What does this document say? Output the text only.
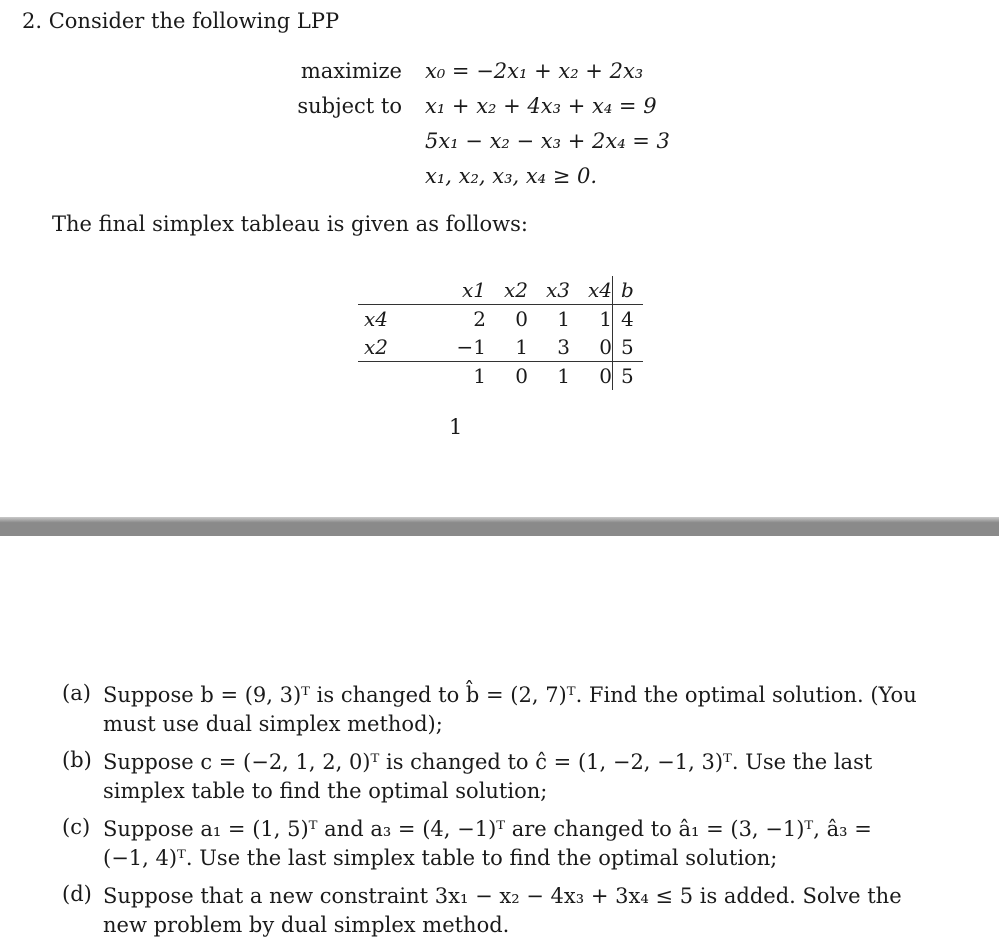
2. Consider the following LPP
maximize
subject to
x₀ = −2x₁ + x₂ + 2x₃
x₁ + x₂ + 4x₃ + x₄ = 9
5x₁ − x₂ − x₃ + 2x₄ = 3
x₁, x₂, x₃, x₄ ≥ 0.
The final simplex tableau is given as follows:
	x1	x2	x3	x4	b
x4	2	0	1	1	4
x2	−1	1	3	0	5
	1	0	1	0	5
1
(a) Suppose b = (9, 3)ᵀ is changed to b̂ = (2, 7)ᵀ. Find the optimal solution. (You must use dual simplex method);
(b) Suppose c = (−2, 1, 2, 0)ᵀ is changed to ĉ = (1, −2, −1, 3)ᵀ. Use the last simplex table to find the optimal solution;
(c) Suppose a₁ = (1, 5)ᵀ and a₃ = (4, −1)ᵀ are changed to â₁ = (3, −1)ᵀ, â₃ = (−1, 4)ᵀ. Use the last simplex table to find the optimal solution;
(d) Suppose that a new constraint 3x₁ − x₂ − 4x₃ + 3x₄ ≤ 5 is added. Solve the new problem by dual simplex method.
